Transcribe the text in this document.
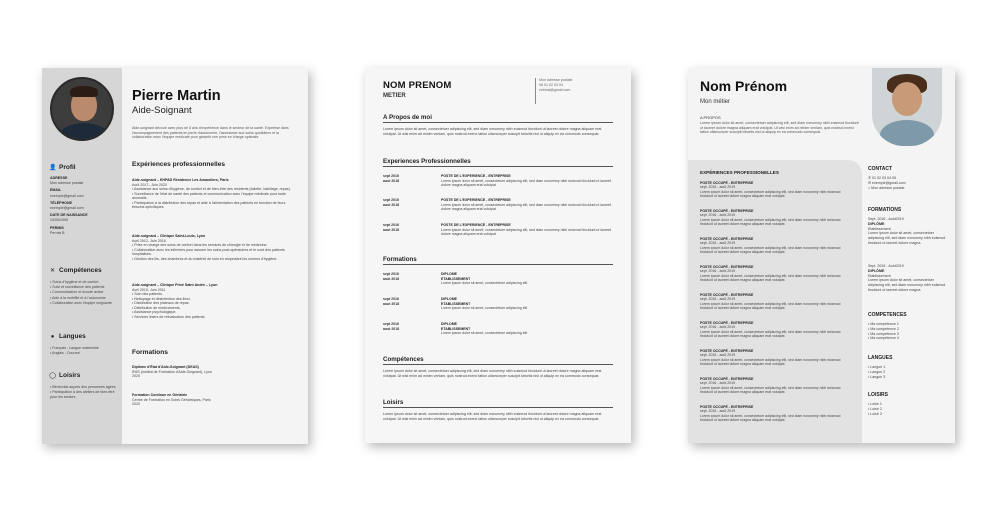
👤 Profil
ADRESSE
Mon adresse postale
EMAIL
exemple@gmail.com
TÉLÉPHONE
exemple@gmail.com
DATE DE NAISSANCE
24/05/1995
PERMIS
Permis B
✕ Compétences
• Soins d'hygiène et de confort
• Suivi et surveillance des patients
• Communication et écoute active
• Aide à la mobilité et à l'autonomie
• Collaboration avec l'équipe soignante
● Langues
• Français : Langue maternelle
• Anglais : Courant
◯ Loisirs
• Bénévolat auprès des personnes âgées
• Participation à des ateliers de bien-être pour les seniors
Pierre Martin
Aide-Soignant
Aide-soignant dévoué avec plus de 5 ans d'expérience dans le secteur de la santé. Expertise dans l'accompagnement des patients en perte d'autonomie, l'assistance aux soins quotidiens et la collaboration avec l'équipe médicale pour garantir une prise en charge optimale.
Expériences professionnelles
Aide-soignant – EHPAD Résidence Les Amandiers, Paris
Août 2017– Juin 2020
• Assistance aux soins d'hygiène, de confort et de bien-être des résidents (toilette, habillage, repas).
• Surveillance de l'état de santé des patients et communication avec l'équipe médicale pour toute anomalie.
• Participation à la distribution des repas et aide à l'alimentation des patients en fonction de leurs besoins spécifiques.
Aide-soignant – Clinique Saint-Louis, Lyon
Avril 2012- Juin 2016
• Prise en charge des soins de confort dans les services de chirurgie et de médecine.
• Collaboration avec les infirmiers pour assurer les soins post-opératoires et le suivi des patients hospitalisés.
• Gestion des lits, des chambres et du matériel de soin en respectant les normes d'hygiène.
Aide-soignant – Clinique Privé Saint André – Lyon
Avril 2010- Juin 2011
• Soin des patients.
• Nettoyage et désinfection des lieux.
• Distribution des plateaux de repas.
• Distribution de médicaments.
• Assistance psychologique.
• Services liniers de réévaluation des patients.
Formations
Diplôme d'État d'Aide-Soignant (DEAS)
IFAS (Institut de Formation d'Aide-Soignant), Lyon
2020
Formation Continue en Gériatrie
Centre de Formation en Soins Gériatriques, Paris
2020
NOM PRENOM
METIER
Mon adresse postale
06 01 02 03 04
cvtrinal@gmail.com
A Propos de moi
Lorem ipsum dolor sit amet, consectetuer adipiscing elit, sed diam nonummy nibh euismod tincidunt ut laoreet dolore magna aliquam erat volutpat. Ut wisi enim ad minim veniam, quis nostrud exerci tation ullamcorper suscipit lobortis nisl ut aliquip ex ea commodo consequat.
Experiences Professionnelles
sept 2016
aout 2018
POSTE DE L'EXPERIENCE - ENTREPRISE
Lorem ipsum dolor sit amet, consectetuer adipiscing elit, sed diam nonummy nibh euismod tincidunt ut laoreet dolore magna aliquam erat volutpat
sept 2016
aout 2018
POSTE DE L'EXPERIENCE - ENTREPRISE
Lorem ipsum dolor sit amet, consectetuer adipiscing elit, sed diam nonummy nibh euismod tincidunt ut laoreet dolore magna aliquam erat volutpat
sept 2016
aout 2018
POSTE DE L'EXPERIENCE - ENTREPRISE
Lorem ipsum dolor sit amet, consectetuer adipiscing elit, sed diam nonummy nibh euismod tincidunt ut laoreet dolore magna aliquam erat volutpat
Formations
sept 2016
aout 2018
DIPLOME
ETABLISSEMENT
Lorem ipsum dolor sit amet, consectetuer adipiscing elit
sept 2016
aout 2018
DIPLOME
ETABLISSEMENT
Lorem ipsum dolor sit amet, consectetuer adipiscing elit
sept 2016
aout 2018
DIPLOME
ETABLISSEMENT
Lorem ipsum dolor sit amet, consectetuer adipiscing elit
Compétences
Lorem ipsum dolor sit amet, consectetuer adipiscing elit, sed diam nonummy nibh euismod tincidunt ut laoreet dolore magna aliquam erat volutpat. Ut wisi enim ad minim veniam, quis nostrud exerci tation ullamcorper suscipit lobortis nisl ut aliquip ex ea commodo consequat.
Loisirs
Lorem ipsum dolor sit amet, consectetuer adipiscing elit, sed diam nonummy nibh euismod tincidunt ut laoreet dolore magna aliquam erat volutpat. Ut wisi enim ad minim veniam, quis nostrud exerci tation ullamcorper suscipit lobortis nisl ut aliquip ex ea commodo consequat.
Nom Prénom
Mon métier
A PROPOS
Lorem ipsum dolor sit amet, consectetuer adipiscing elit, sed diam nonummy nibh euismod tincidunt ut laoreet dolore magna aliquam erat volutpat. Ut wisi enim ad minim veniam, quis nostrud exerci tation ullamcorper suscipit lobortis nisl ut aliquip ex ea commodo consequat.
EXPÉRIENCES PROFESSIONELLES
POSTE OCCUPÉ - ENTREPRISE
sept. 2016 - août 2019
Lorem ipsum dolor sit amet, consectetuer adipiscing elit, sed diam nonummy nibh euismod tincidunt ut laoreet dolore magna aliquam erat volutpat.
POSTE OCCUPÉ - ENTREPRISE
sept. 2016 - août 2019
Lorem ipsum dolor sit amet, consectetuer adipiscing elit, sed diam nonummy nibh euismod tincidunt ut laoreet dolore magna aliquam erat volutpat.
POSTE OCCUPÉ - ENTREPRISE
sept. 2016 - août 2019
Lorem ipsum dolor sit amet, consectetuer adipiscing elit, sed diam nonummy nibh euismod tincidunt ut laoreet dolore magna aliquam erat volutpat.
POSTE OCCUPÉ - ENTREPRISE
sept. 2016 - août 2019
Lorem ipsum dolor sit amet, consectetuer adipiscing elit, sed diam nonummy nibh euismod tincidunt ut laoreet dolore magna aliquam erat volutpat.
POSTE OCCUPÉ - ENTREPRISE
sept. 2016 - août 2019
Lorem ipsum dolor sit amet, consectetuer adipiscing elit, sed diam nonummy nibh euismod tincidunt ut laoreet dolore magna aliquam erat volutpat.
POSTE OCCUPÉ - ENTREPRISE
sept. 2016 - août 2019
Lorem ipsum dolor sit amet, consectetuer adipiscing elit, sed diam nonummy nibh euismod tincidunt ut laoreet dolore magna aliquam erat volutpat.
POSTE OCCUPÉ - ENTREPRISE
sept. 2016 - août 2019
Lorem ipsum dolor sit amet, consectetuer adipiscing elit, sed diam nonummy nibh euismod tincidunt ut laoreet dolore magna aliquam erat volutpat.
POSTE OCCUPÉ - ENTREPRISE
sept. 2016 - août 2019
Lorem ipsum dolor sit amet, consectetuer adipiscing elit, sed diam nonummy nibh euismod tincidunt ut laoreet dolore magna aliquam erat volutpat.
POSTE OCCUPÉ - ENTREPRISE
sept. 2016 - août 2019
Lorem ipsum dolor sit amet, consectetuer adipiscing elit, sed diam nonummy nibh euismod tincidunt ut laoreet dolore magna aliquam erat volutpat.
CONTACT
✆ 01 02 03 04 05
✉ exemple@gmail.com
⌂ Mon adresse postale
FORMATIONS
Sept. 2016 - Août2019
DIPLÔME
Etablissement
Lorem ipsum dolor sit amet, consectetuer adipiscing elit, sed diam nonummy nibh euismod tincidunt ut laoreet dolore magna.
Sept. 2016 - Août2019
DIPLÔME
Etablissement
Lorem ipsum dolor sit amet, consectetuer adipiscing elit, sed diam nonummy nibh euismod tincidunt ut laoreet dolore magna.
COMPETENCES
• Ma compétence 1
• Ma compétence 2
• Ma compétence 3
• Ma compétence 4
LANGUES
• Langue 1
• Langue 2
• Langue 3
LOISIRS
• Loisir 1
• Loisir 2
• Loisir 3
